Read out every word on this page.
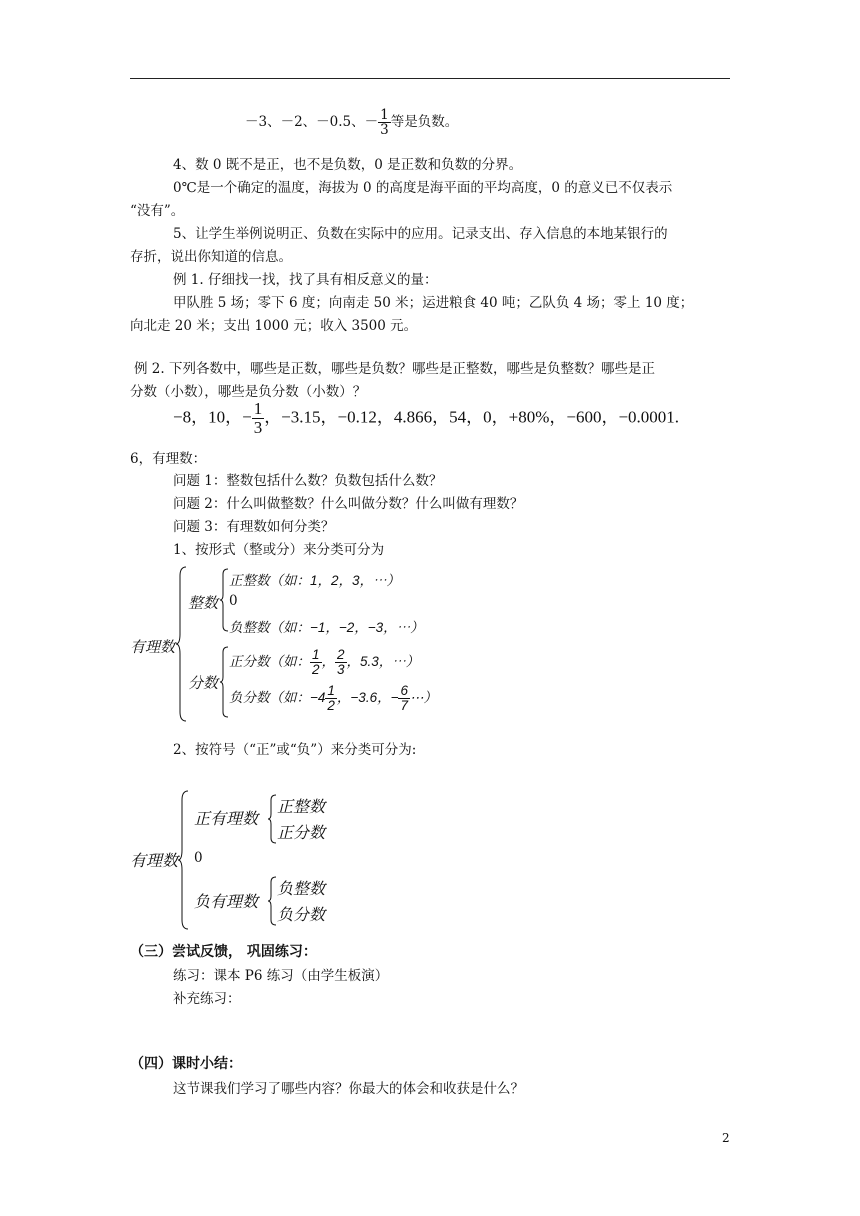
－3、－2、－0.5、－ $\frac{1}{3}$ 等是负数。
4、数 0 既不是正，也不是负数，0 是正数和负数的分界。
0℃是一个确定的温度，海拔为 0 的高度是海平面的平均高度，0 的意义已不仅表示
“没有”。
5、让学生举例说明正、负数在实际中的应用。记录支出、存入信息的本地某银行的
存折，说出你知道的信息。
例 1. 仔细找一找，找了具有相反意义的量：
甲队胜 5 场；零下 6 度；向南走 50 米；运进粮食 40 吨；乙队负 4 场；零上 10 度；
向北走 20 米；支出 1000 元；收入 3500 元。
例 2. 下列各数中，哪些是正数，哪些是负数？哪些是正整数，哪些是负整数？哪些是正
分数（小数），哪些是负分数（小数）？
−8，10，− $\frac{1}{3}$ ，−3.15，−0.12，4.866，54，0，+80%，−600，−0.0001.
6，有理数：
问题 1：整数包括什么数？负数包括什么数？
问题 2：什么叫做整数？什么叫做分数？什么叫做有理数？
问题 3：有理数如何分类？
1、按形式（整或分）来分类可分为
有理数
整数
分数
正整数（如：1，2，3，⋯）
0
负整数（如：−1，−2，−3，⋯）
正分数（如： $\frac{1}{2}$ ， $\frac{2}{3}$ ，5.3，⋯）
负分数（如：$-4 \frac{1}{2}$ ，−3.6，− $\frac{6}{7}$ ⋯）
2、按符号（“正”或“负”）来分类可分为:
有理数
正有理数
0
负有理数
正整数
正分数
负整数
负分数
（三）尝试反馈， 巩固练习：
练习：课本 P6 练习（由学生板演）
补充练习：
（四）课时小结：
这节课我们学习了哪些内容？你最大的体会和收获是什么？
2
